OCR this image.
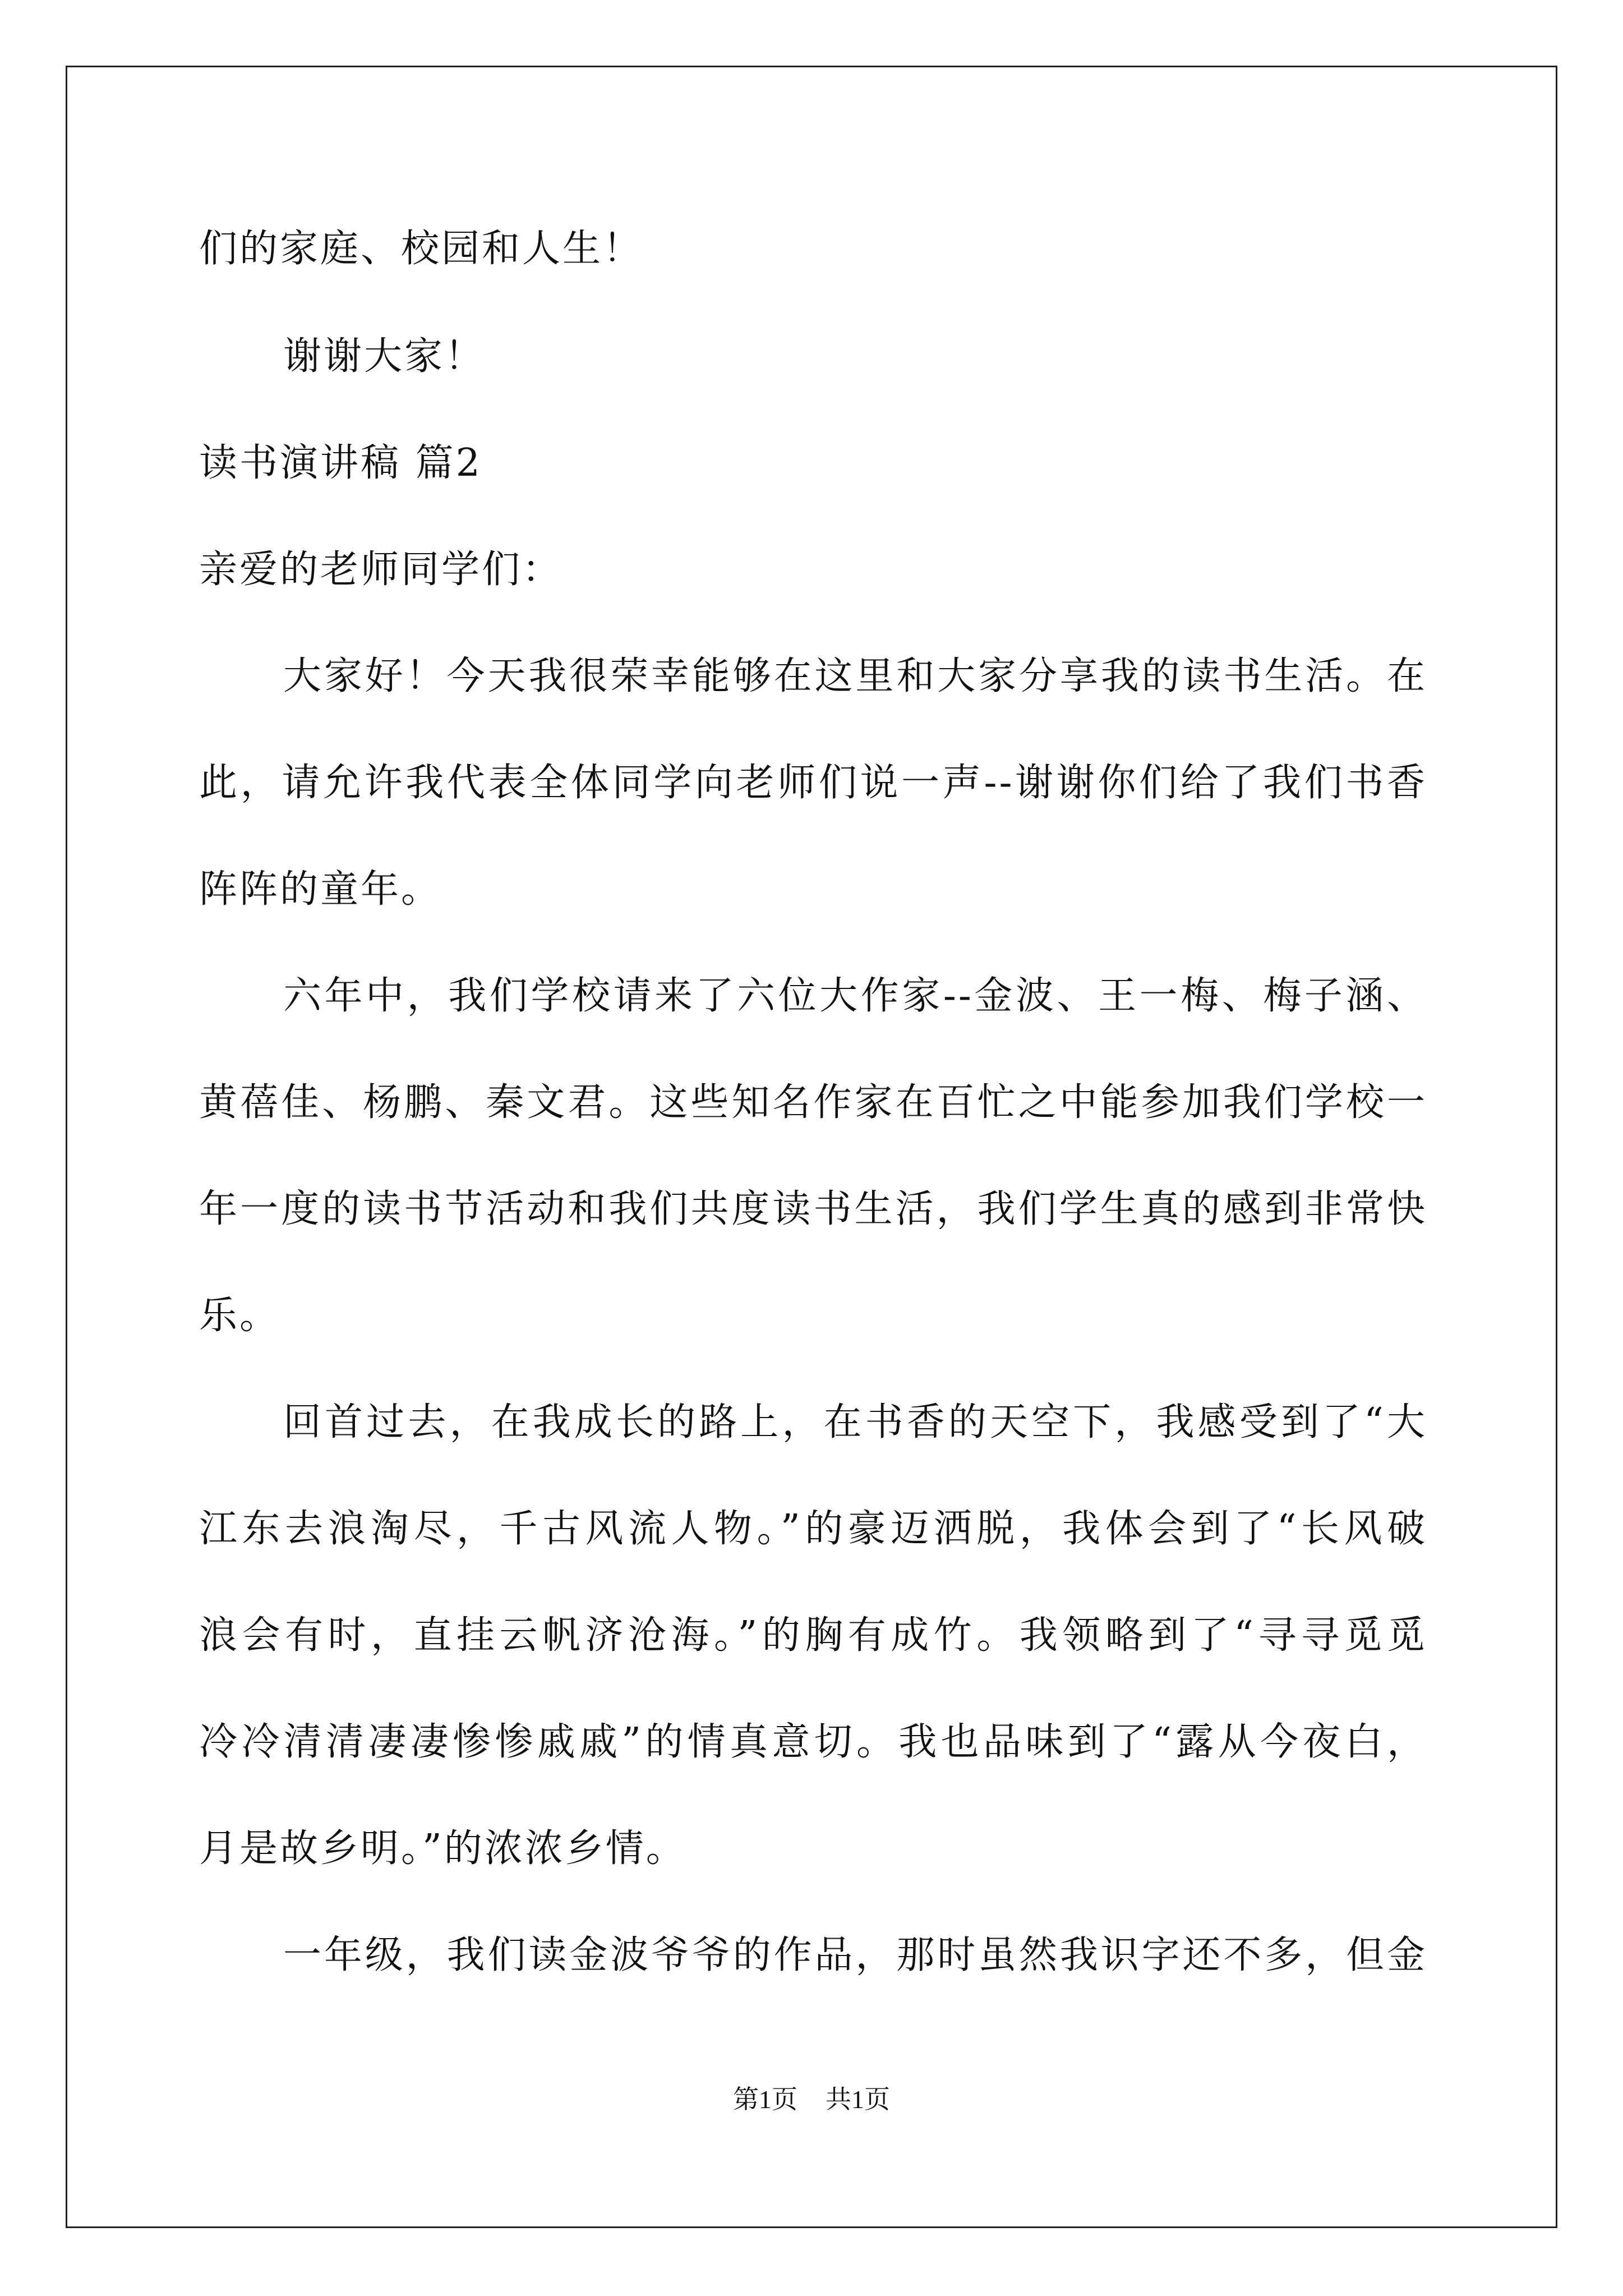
们的家庭、校园和人生！
谢谢大家！
读书演讲稿 篇2
亲爱的老师同学们：
大家好！今天我很荣幸能够在这里和大家分享我的读书生活。在
此，请允许我代表全体同学向老师们说一声--谢谢你们给了我们书香
阵阵的童年。
六年中，我们学校请来了六位大作家--金波、王一梅、梅子涵、
黄蓓佳、杨鹏、秦文君。这些知名作家在百忙之中能参加我们学校一
年一度的读书节活动和我们共度读书生活，我们学生真的感到非常快
乐。
回首过去，在我成长的路上，在书香的天空下，我感受到了“大
江东去浪淘尽，千古风流人物。”的豪迈洒脱，我体会到了“长风破
浪会有时，直挂云帆济沧海。”的胸有成竹。我领略到了“寻寻觅觅
冷冷清清凄凄惨惨戚戚”的情真意切。我也品味到了“露从今夜白，
月是故乡明。”的浓浓乡情。
一年级，我们读金波爷爷的作品，那时虽然我识字还不多，但金
第1页 共1页
